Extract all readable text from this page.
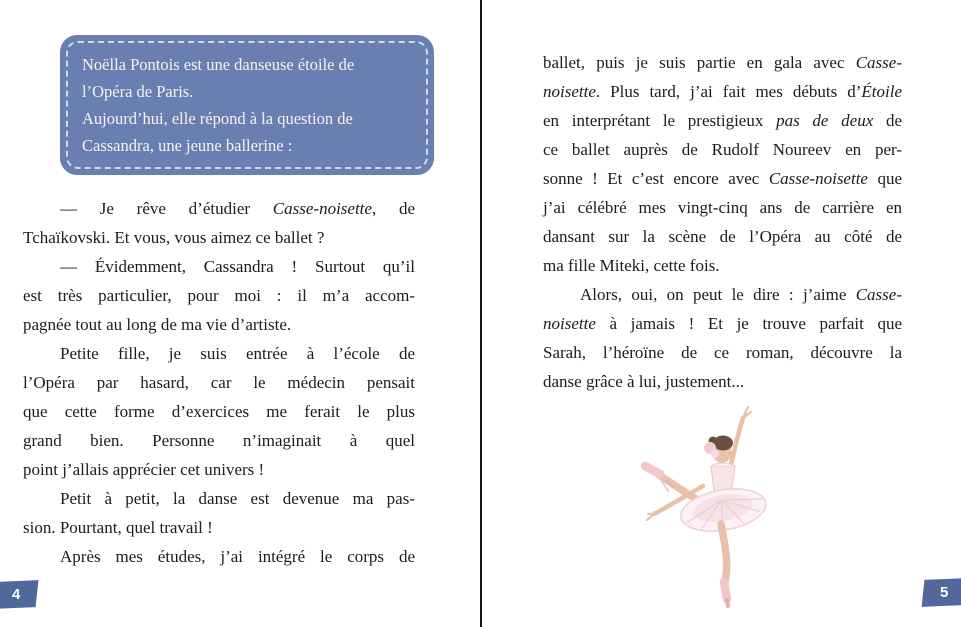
Noëlla Pontois est une danseuse étoile de
l’Opéra de Paris.
Aujourd’hui, elle répond à la question de
Cassandra, une jeune ballerine :
— Je rêve d’étudier Casse-noisette, de
Tchaïkovski. Et vous, vous aimez ce ballet ?
— Évidemment, Cassandra ! Surtout qu’il
est très particulier, pour moi : il m’a accom-
pagnée tout au long de ma vie d’artiste.
Petite fille, je suis entrée à l’école de
l’Opéra par hasard, car le médecin pensait
que cette forme d’exercices me ferait le plus
grand bien. Personne n’imaginait à quel
point j’allais apprécier cet univers !
Petit à petit, la danse est devenue ma pas-
sion. Pourtant, quel travail !
Après mes études, j’ai intégré le corps de
4
ballet, puis je suis partie en gala avec Casse-
noisette. Plus tard, j’ai fait mes débuts d’Étoile
en interprétant le prestigieux pas de deux de
ce ballet auprès de Rudolf Noureev en per-
sonne ! Et c’est encore avec Casse-noisette que
j’ai célébré mes vingt-cinq ans de carrière en
dansant sur la scène de l’Opéra au côté de
ma fille Miteki, cette fois.
Alors, oui, on peut le dire : j’aime Casse-
noisette à jamais ! Et je trouve parfait que
Sarah, l’héroïne de ce roman, découvre la
danse grâce à lui, justement...
5
